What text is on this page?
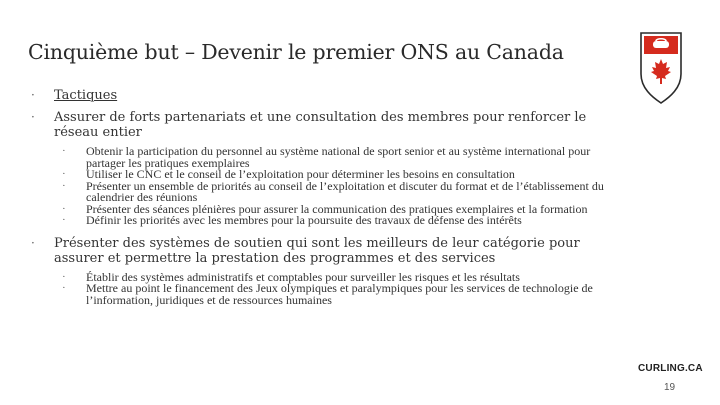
Cinquième but – Devenir le premier ONS au Canada
· Tactiques
· Assurer de forts partenariats et une consultation des membres pour renforcer le réseau entier
· Obtenir la participation du personnel au système national de sport senior et au système international pour partager les pratiques exemplaires
· Utiliser le CNC et le conseil de l’exploitation pour déterminer les besoins en consultation
· Présenter un ensemble de priorités au conseil de l’exploitation et discuter du format et de l’établissement du calendrier des réunions
· Présenter des séances plénières pour assurer la communication des pratiques exemplaires et la formation
· Définir les priorités avec les membres pour la poursuite des travaux de défense des intérêts
· Présenter des systèmes de soutien qui sont les meilleurs de leur catégorie pour assurer et permettre la prestation des programmes et des services
· Établir des systèmes administratifs et comptables pour surveiller les risques et les résultats
· Mettre au point le financement des Jeux olympiques et paralympiques pour les services de technologie de l’information, juridiques et de ressources humaines
CURLING.CA
19
